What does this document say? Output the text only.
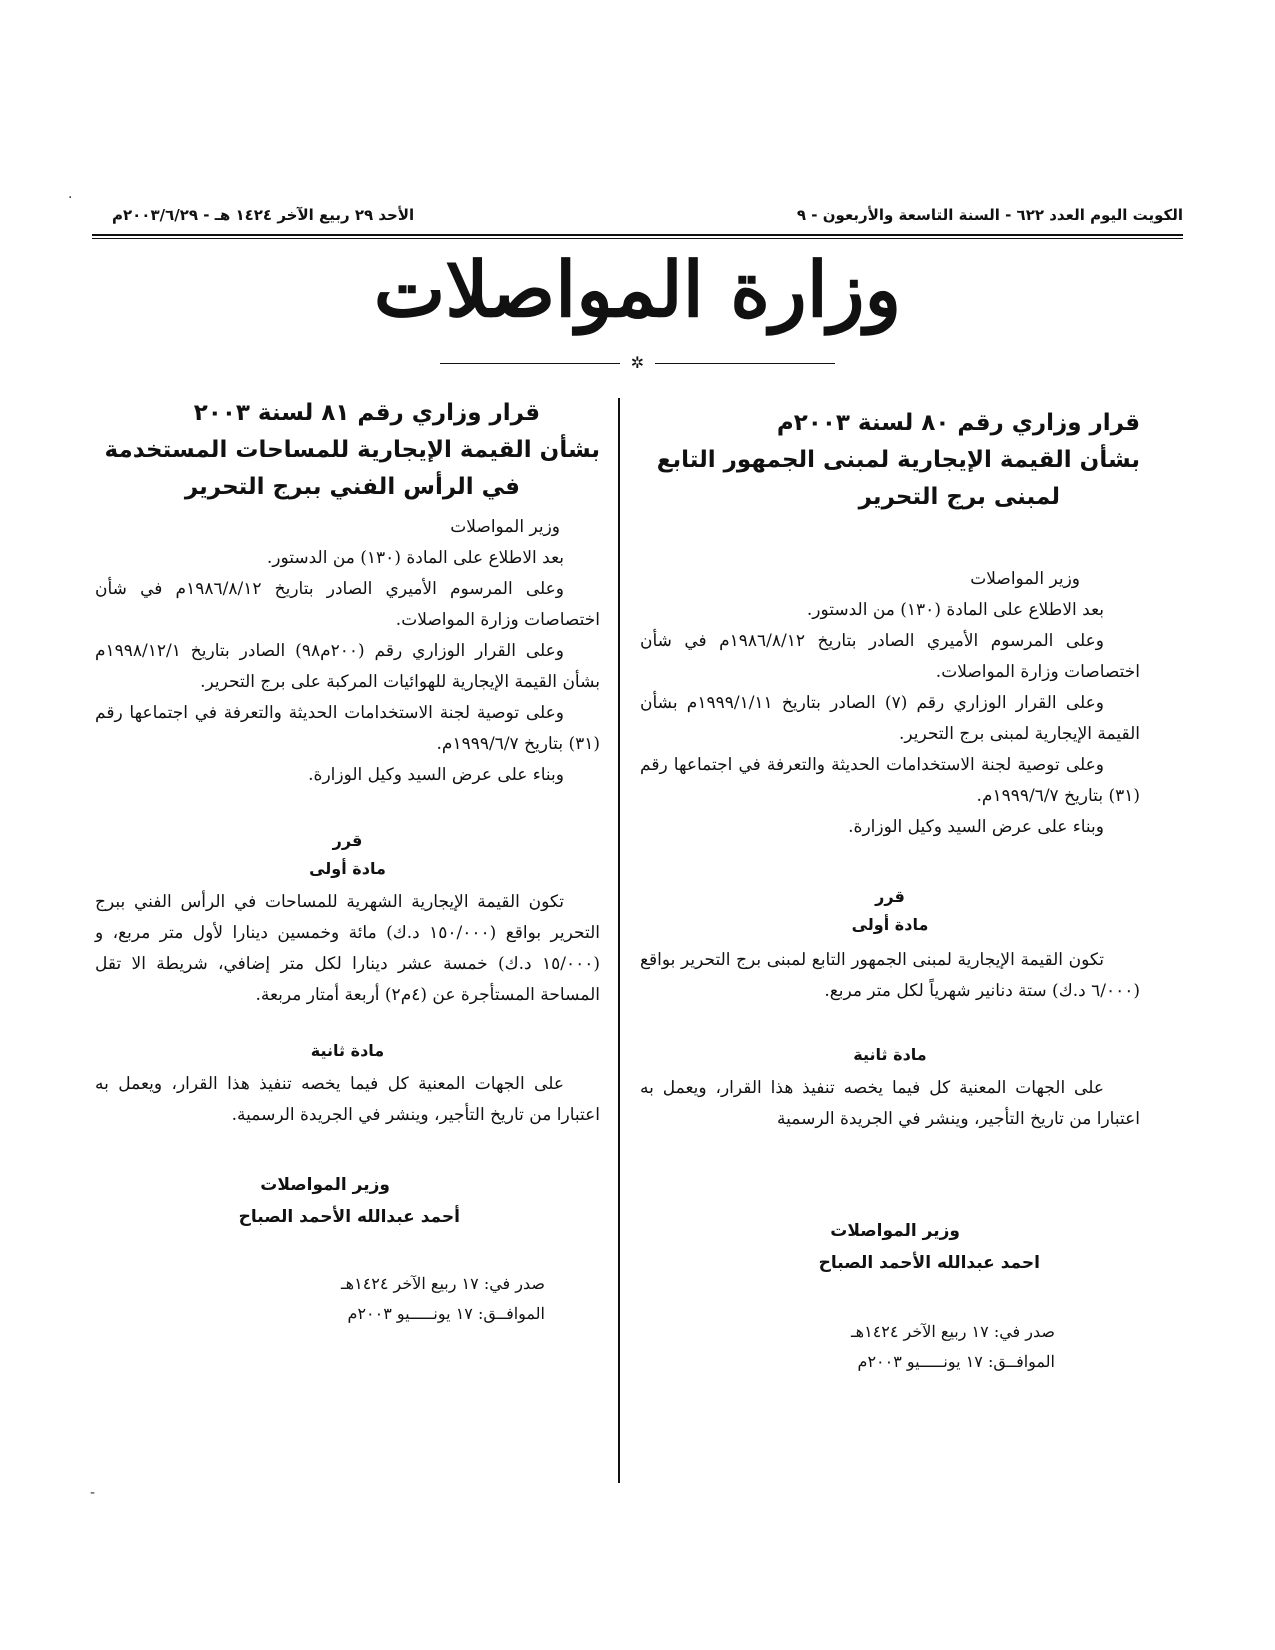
الكويت اليوم العدد ٦٢٢ - السنة التاسعة والأربعون - ٩
الأحد ٢٩ ربيع الآخر ١٤٢٤ هـ - ٢٠٠٣/٦/٢٩م
وزارة المواصلات
✲
قرار وزاري رقم ٨٠ لسنة ٢٠٠٣م
بشأن القيمة الإيجارية لمبنى الجمهور التابع
لمبنى برج التحرير

وزير المواصلات

بعد الاطلاع على المادة (١٣٠) من الدستور.

وعلى المرسوم الأميري الصادر بتاريخ ١٩٨٦/٨/١٢م في شأن اختصاصات وزارة المواصلات.

وعلى القرار الوزاري رقم (٧) الصادر بتاريخ ١٩٩٩/١/١١م بشأن القيمة الإيجارية لمبنى برج التحرير.

وعلى توصية لجنة الاستخدامات الحديثة والتعرفة في اجتماعها رقم (٣١) بتاريخ ١٩٩٩/٦/٧م.

وبناء على عرض السيد وكيل الوزارة.

قرر
مادة أولى

تكون القيمة الإيجارية لمبنى الجمهور التابع لمبنى برج التحرير بواقع (٦/٠٠٠ د.ك) ستة دنانير شهرياً لكل متر مربع.

مادة ثانية

على الجهات المعنية كل فيما يخصه تنفيذ هذا القرار، ويعمل به اعتبارا من تاريخ التأجير، وينشر في الجريدة الرسمية

وزير المواصلات
احمد عبدالله الأحمد الصباح
صدر في: ١٧ ربيع الآخر ١٤٢٤هـ
الموافــق: ١٧ يونـــــيو ٢٠٠٣م
قرار وزاري رقم ٨١ لسنة ٢٠٠٣
بشأن القيمة الإيجارية للمساحات المستخدمة
في الرأس الفني ببرج التحرير

وزير المواصلات

بعد الاطلاع على المادة (١٣٠) من الدستور.

وعلى المرسوم الأميري الصادر بتاريخ ١٩٨٦/٨/١٢م في شأن اختصاصات وزارة المواصلات.

وعلى القرار الوزاري رقم (٢٠٠م٩٨) الصادر بتاريخ ١٩٩٨/١٢/١م بشأن القيمة الإيجارية للهوائيات المركبة على برج التحرير.

وعلى توصية لجنة الاستخدامات الحديثة والتعرفة في اجتماعها رقم (٣١) بتاريخ ١٩٩٩/٦/٧م.

وبناء على عرض السيد وكيل الوزارة.

قرر
مادة أولى

تكون القيمة الإيجارية الشهرية للمساحات في الرأس الفني ببرج التحرير بواقع (١٥٠/٠٠٠ د.ك) مائة وخمسين دينارا لأول متر مربع، و (١٥/٠٠٠ د.ك) خمسة عشر دينارا لكل متر إضافي، شريطة الا تقل المساحة المستأجرة عن (٤م٢) أربعة أمتار مربعة.

مادة ثانية

على الجهات المعنية كل فيما يخصه تنفيذ هذا القرار، ويعمل به اعتبارا من تاريخ التأجير، وينشر في الجريدة الرسمية.

وزير المواصلات
أحمد عبدالله الأحمد الصباح
صدر في: ١٧ ربيع الآخر ١٤٢٤هـ
الموافــق: ١٧ يونـــــيو ٢٠٠٣م
·
‐
